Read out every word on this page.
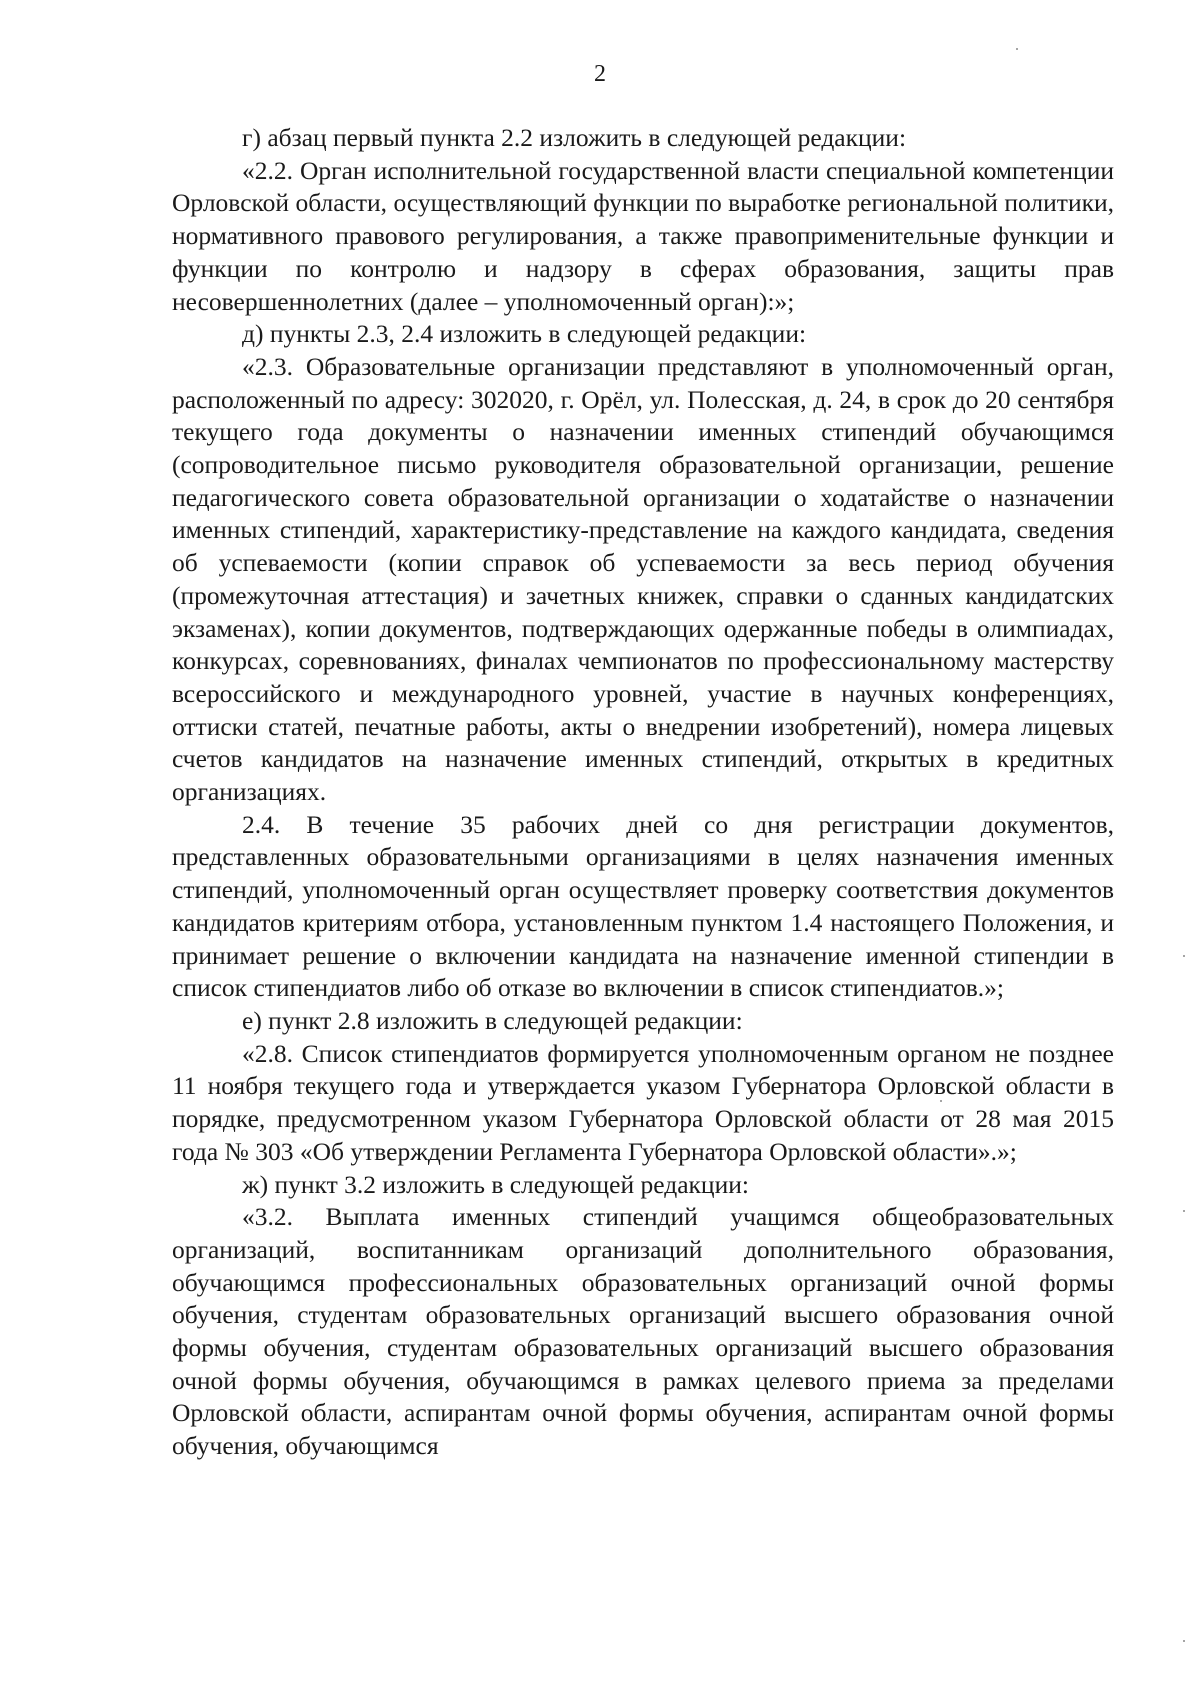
2

г) абзац первый пункта 2.2 изложить в следующей редакции:

«2.2. Орган исполнительной государственной власти специальной компетенции Орловской области, осуществляющий функции по выработке региональной политики, нормативного правового регулирования, а также правоприменительные функции и функции по контролю и надзору в сферах образования, защиты прав несовершеннолетних (далее – уполномоченный орган):»;

д) пункты 2.3, 2.4 изложить в следующей редакции:

«2.3. Образовательные организации представляют в уполномоченный орган, расположенный по адресу: 302020, г. Орёл, ул. Полесская, д. 24, в срок до 20 сентября текущего года документы о назначении именных стипендий обучающимся (сопроводительное письмо руководителя образовательной организации, решение педагогического совета образовательной организации о ходатайстве о назначении именных стипендий, характеристику-представление на каждого кандидата, сведения об успеваемости (копии справок об успеваемости за весь период обучения (промежуточная аттестация) и зачетных книжек, справки о сданных кандидатских экзаменах), копии документов, подтверждающих одержанные победы в олимпиадах, конкурсах, соревнованиях, финалах чемпионатов по профессиональному мастерству всероссийского и международного уровней, участие в научных конференциях, оттиски статей, печатные работы, акты о внедрении изобретений), номера лицевых счетов кандидатов на назначение именных стипендий, открытых в кредитных организациях.

2.4. В течение 35 рабочих дней со дня регистрации документов, представленных образовательными организациями в целях назначения именных стипендий, уполномоченный орган осуществляет проверку соответствия документов кандидатов критериям отбора, установленным пунктом 1.4 настоящего Положения, и принимает решение о включении кандидата на назначение именной стипендии в список стипендиатов либо об отказе во включении в список стипендиатов.»;

е) пункт 2.8 изложить в следующей редакции:

«2.8. Список стипендиатов формируется уполномоченным органом не позднее 11 ноября текущего года и утверждается указом Губернатора Орловской области в порядке, предусмотренном указом Губернатора Орловской области от 28 мая 2015 года № 303 «Об утверждении Регламента Губернатора Орловской области».»;

ж) пункт 3.2 изложить в следующей редакции:

«3.2. Выплата именных стипендий учащимся общеобразовательных организаций, воспитанникам организаций дополнительного образования, обучающимся профессиональных образовательных организаций очной формы обучения, студентам образовательных организаций высшего образования очной формы обучения, студентам образовательных организаций высшего образования очной формы обучения, обучающимся в рамках целевого приема за пределами Орловской области, аспирантам очной формы обучения, аспирантам очной формы обучения, обучающимся
